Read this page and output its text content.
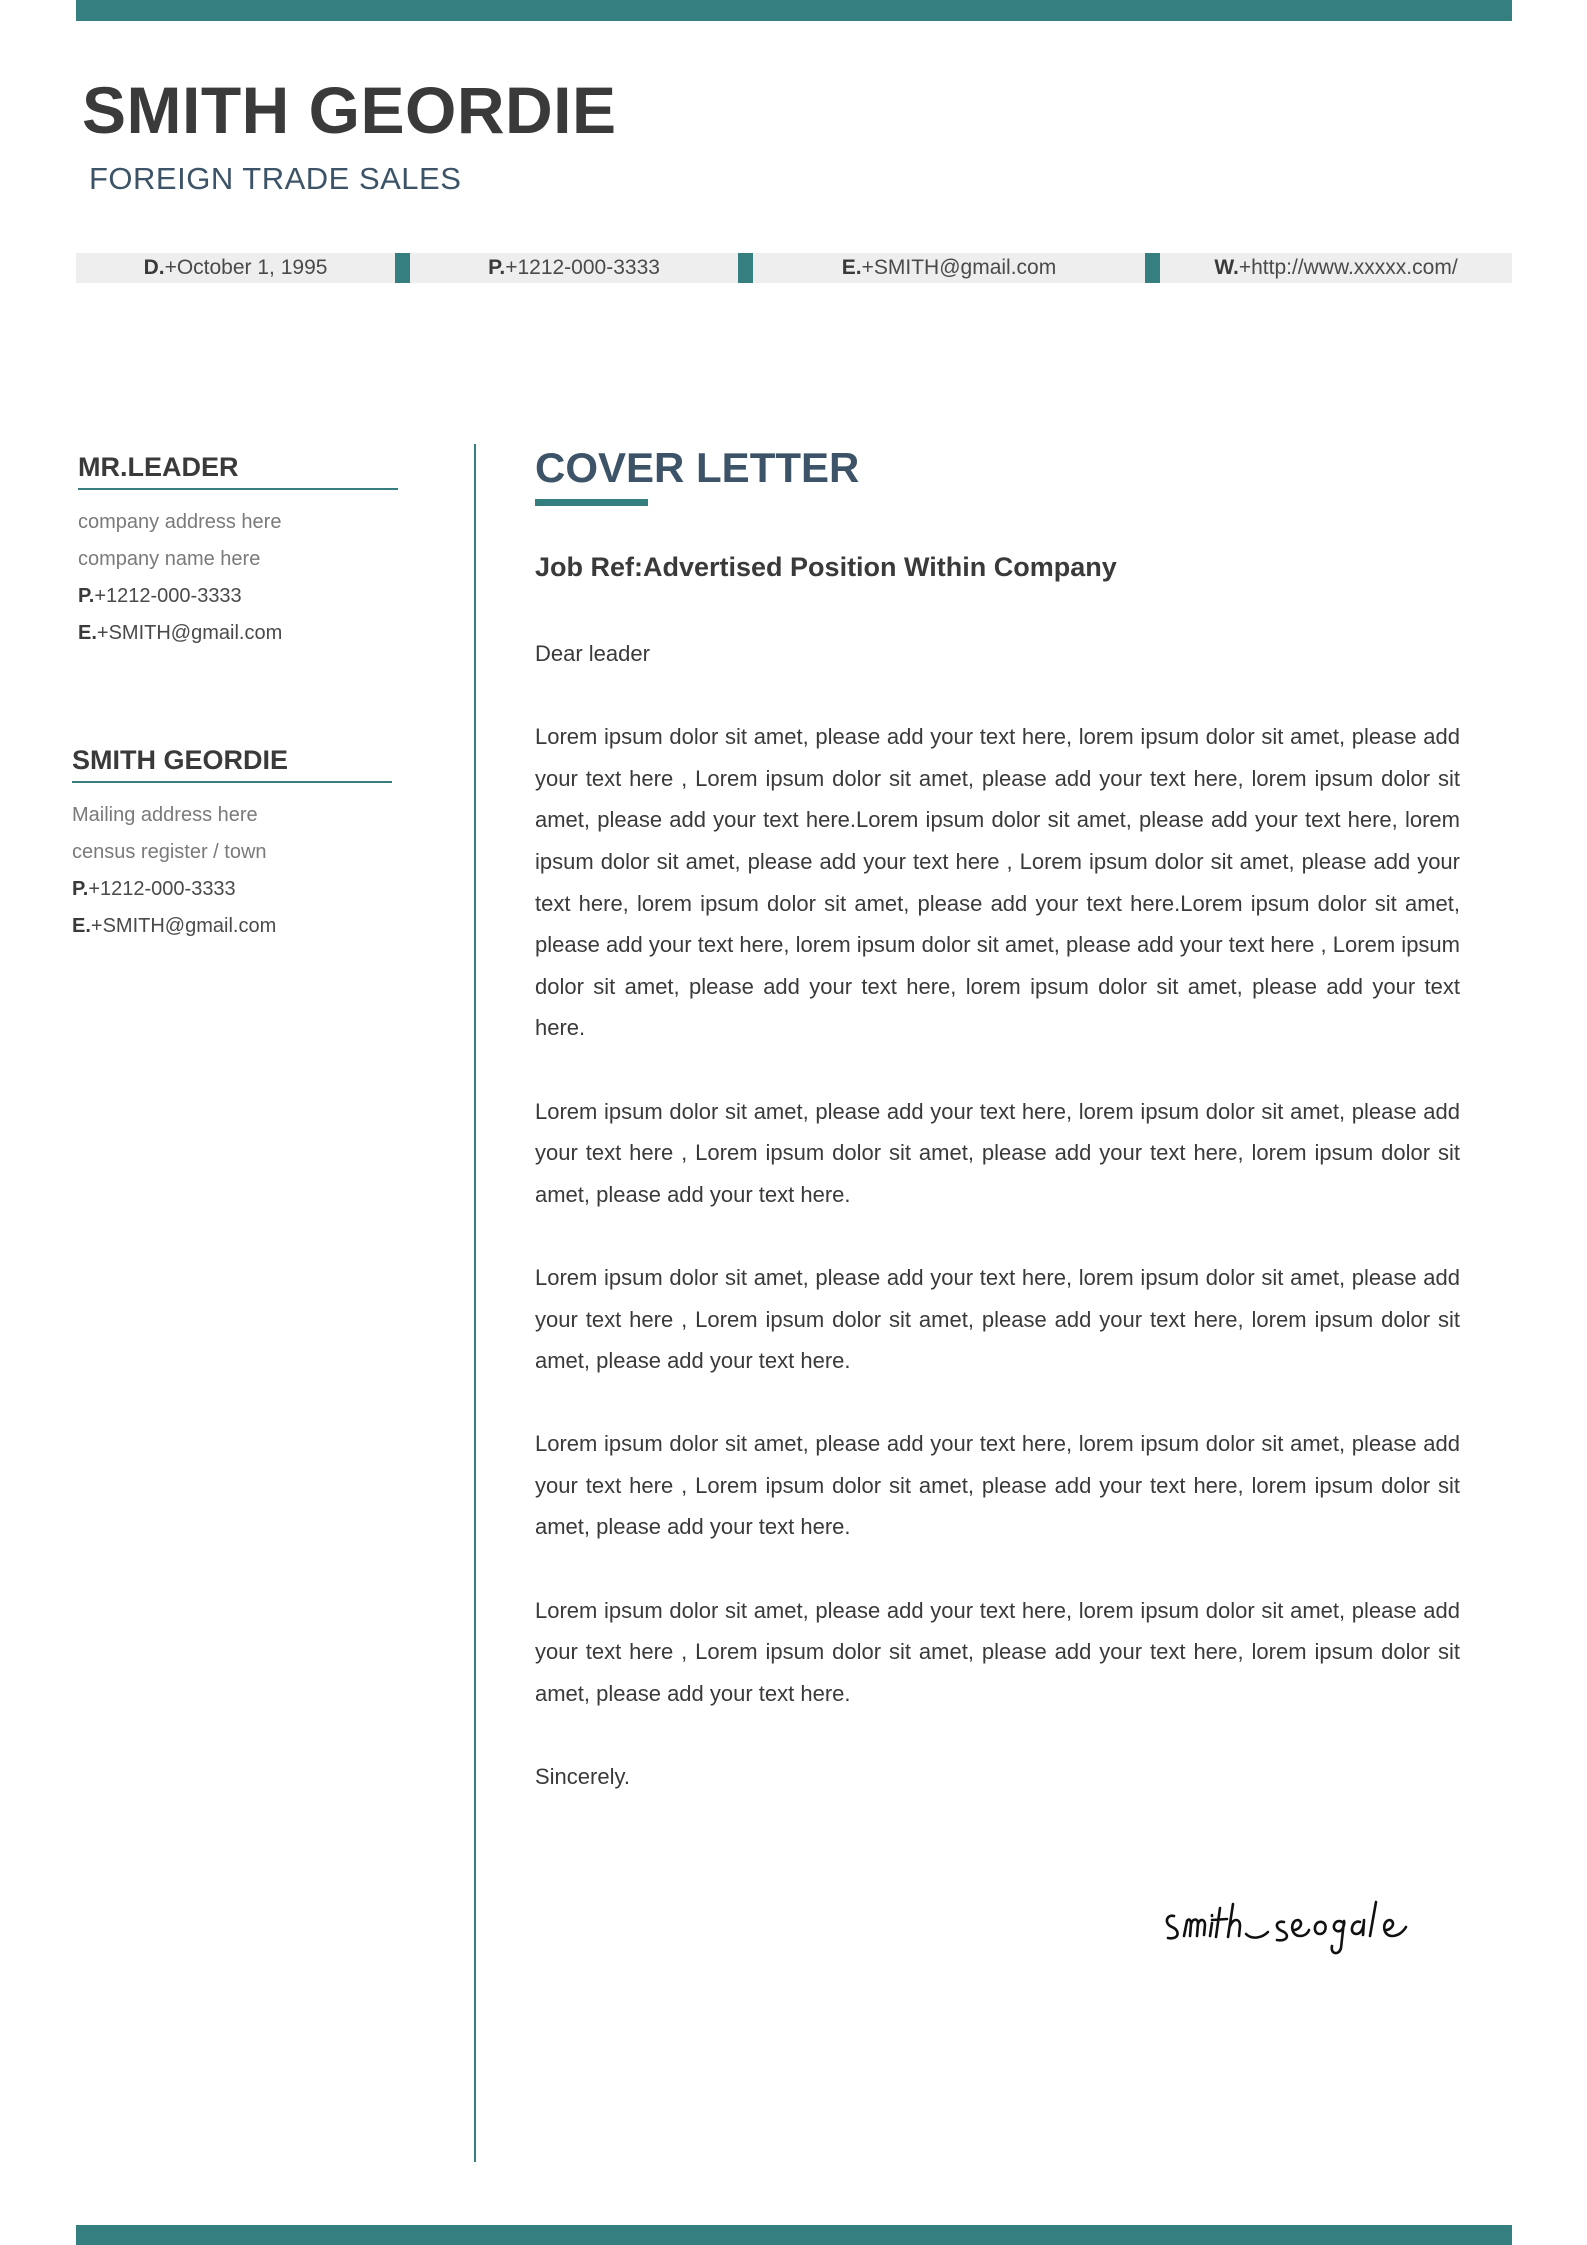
SMITH GEORDIE
FOREIGN TRADE SALES
D.+October 1, 1995	P.+1212-000-3333	E.+SMITH@gmail.com	W.+http://www.xxxxx.com/
MR.LEADER
company address here
company name here
P.+1212-000-3333
E.+SMITH@gmail.com
SMITH GEORDIE
Mailing address here
census register / town
P.+1212-000-3333
E.+SMITH@gmail.com
COVER LETTER
Job Ref:Advertised Position Within Company

Dear leader

Lorem ipsum dolor sit amet, please add your text here, lorem ipsum dolor sit amet, please add your text here , Lorem ipsum dolor sit amet, please add your text here, lorem ipsum dolor sit amet, please add your text here.Lorem ipsum dolor sit amet, please add your text here, lorem ipsum dolor sit amet, please add your text here , Lorem ipsum dolor sit amet, please add your text here, lorem ipsum dolor sit amet, please add your text here.Lorem ipsum dolor sit amet, please add your text here, lorem ipsum dolor sit amet, please add your text here , Lorem ipsum dolor sit amet, please add your text here, lorem ipsum dolor sit amet, please add your text here.

Lorem ipsum dolor sit amet, please add your text here, lorem ipsum dolor sit amet, please add your text here , Lorem ipsum dolor sit amet, please add your text here, lorem ipsum dolor sit amet, please add your text here.

Lorem ipsum dolor sit amet, please add your text here, lorem ipsum dolor sit amet, please add your text here , Lorem ipsum dolor sit amet, please add your text here, lorem ipsum dolor sit amet, please add your text here.

Lorem ipsum dolor sit amet, please add your text here, lorem ipsum dolor sit amet, please add your text here , Lorem ipsum dolor sit amet, please add your text here, lorem ipsum dolor sit amet, please add your text here.

Lorem ipsum dolor sit amet, please add your text here, lorem ipsum dolor sit amet, please add your text here , Lorem ipsum dolor sit amet, please add your text here, lorem ipsum dolor sit amet, please add your text here.

Sincerely.
